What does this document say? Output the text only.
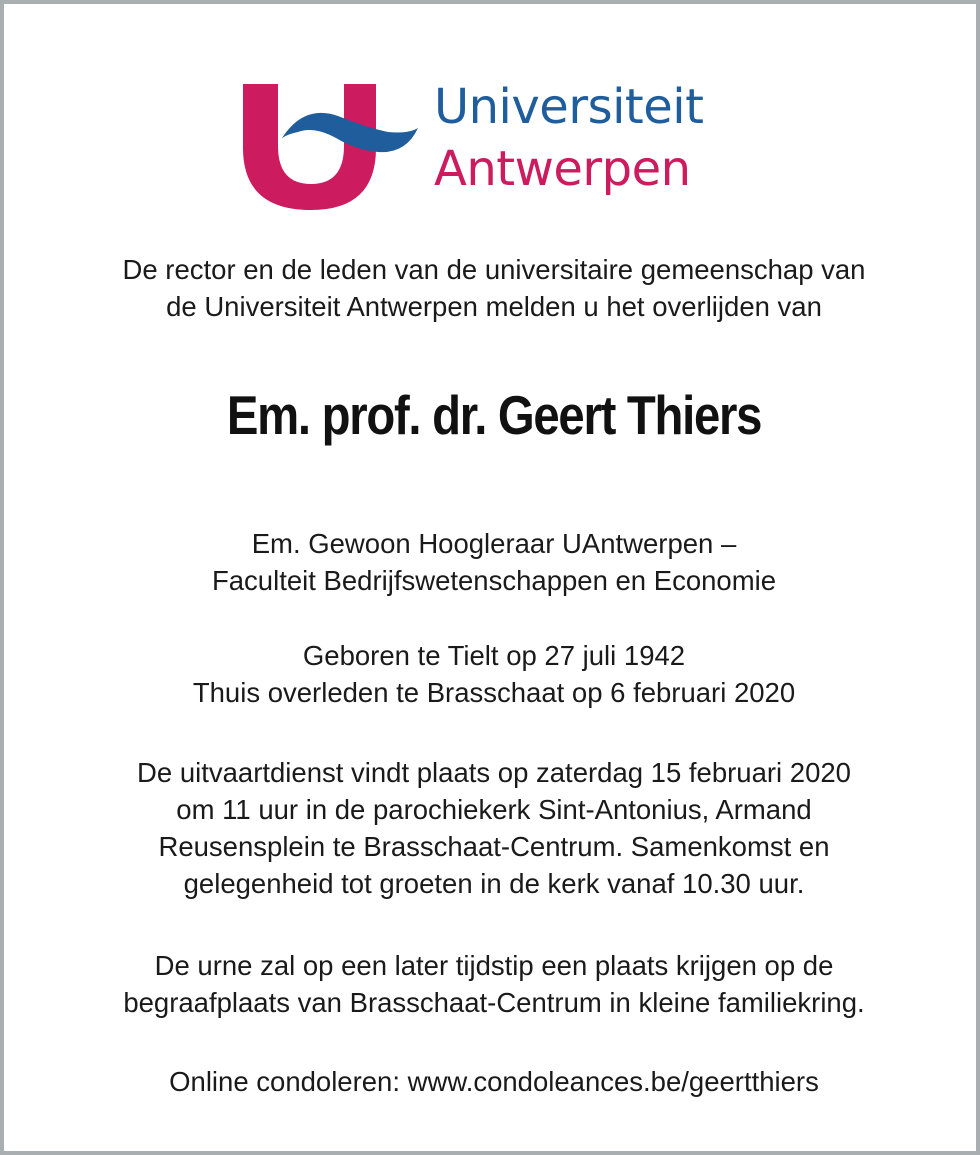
Universiteit
Antwerpen
De rector en de leden van de universitaire gemeenschap van
de Universiteit Antwerpen melden u het overlijden van
Em. prof. dr. Geert Thiers
Em. Gewoon Hoogleraar UAntwerpen –
Faculteit Bedrijfswetenschappen en Economie
Geboren te Tielt op 27 juli 1942
Thuis overleden te Brasschaat op 6 februari 2020
De uitvaartdienst vindt plaats op zaterdag 15 februari 2020
om 11 uur in de parochiekerk Sint-Antonius, Armand
Reusensplein te Brasschaat-Centrum. Samenkomst en
gelegenheid tot groeten in de kerk vanaf 10.30 uur.
De urne zal op een later tijdstip een plaats krijgen op de
begraafplaats van Brasschaat-Centrum in kleine familiekring.
Online condoleren: www.condoleances.be/geertthiers
